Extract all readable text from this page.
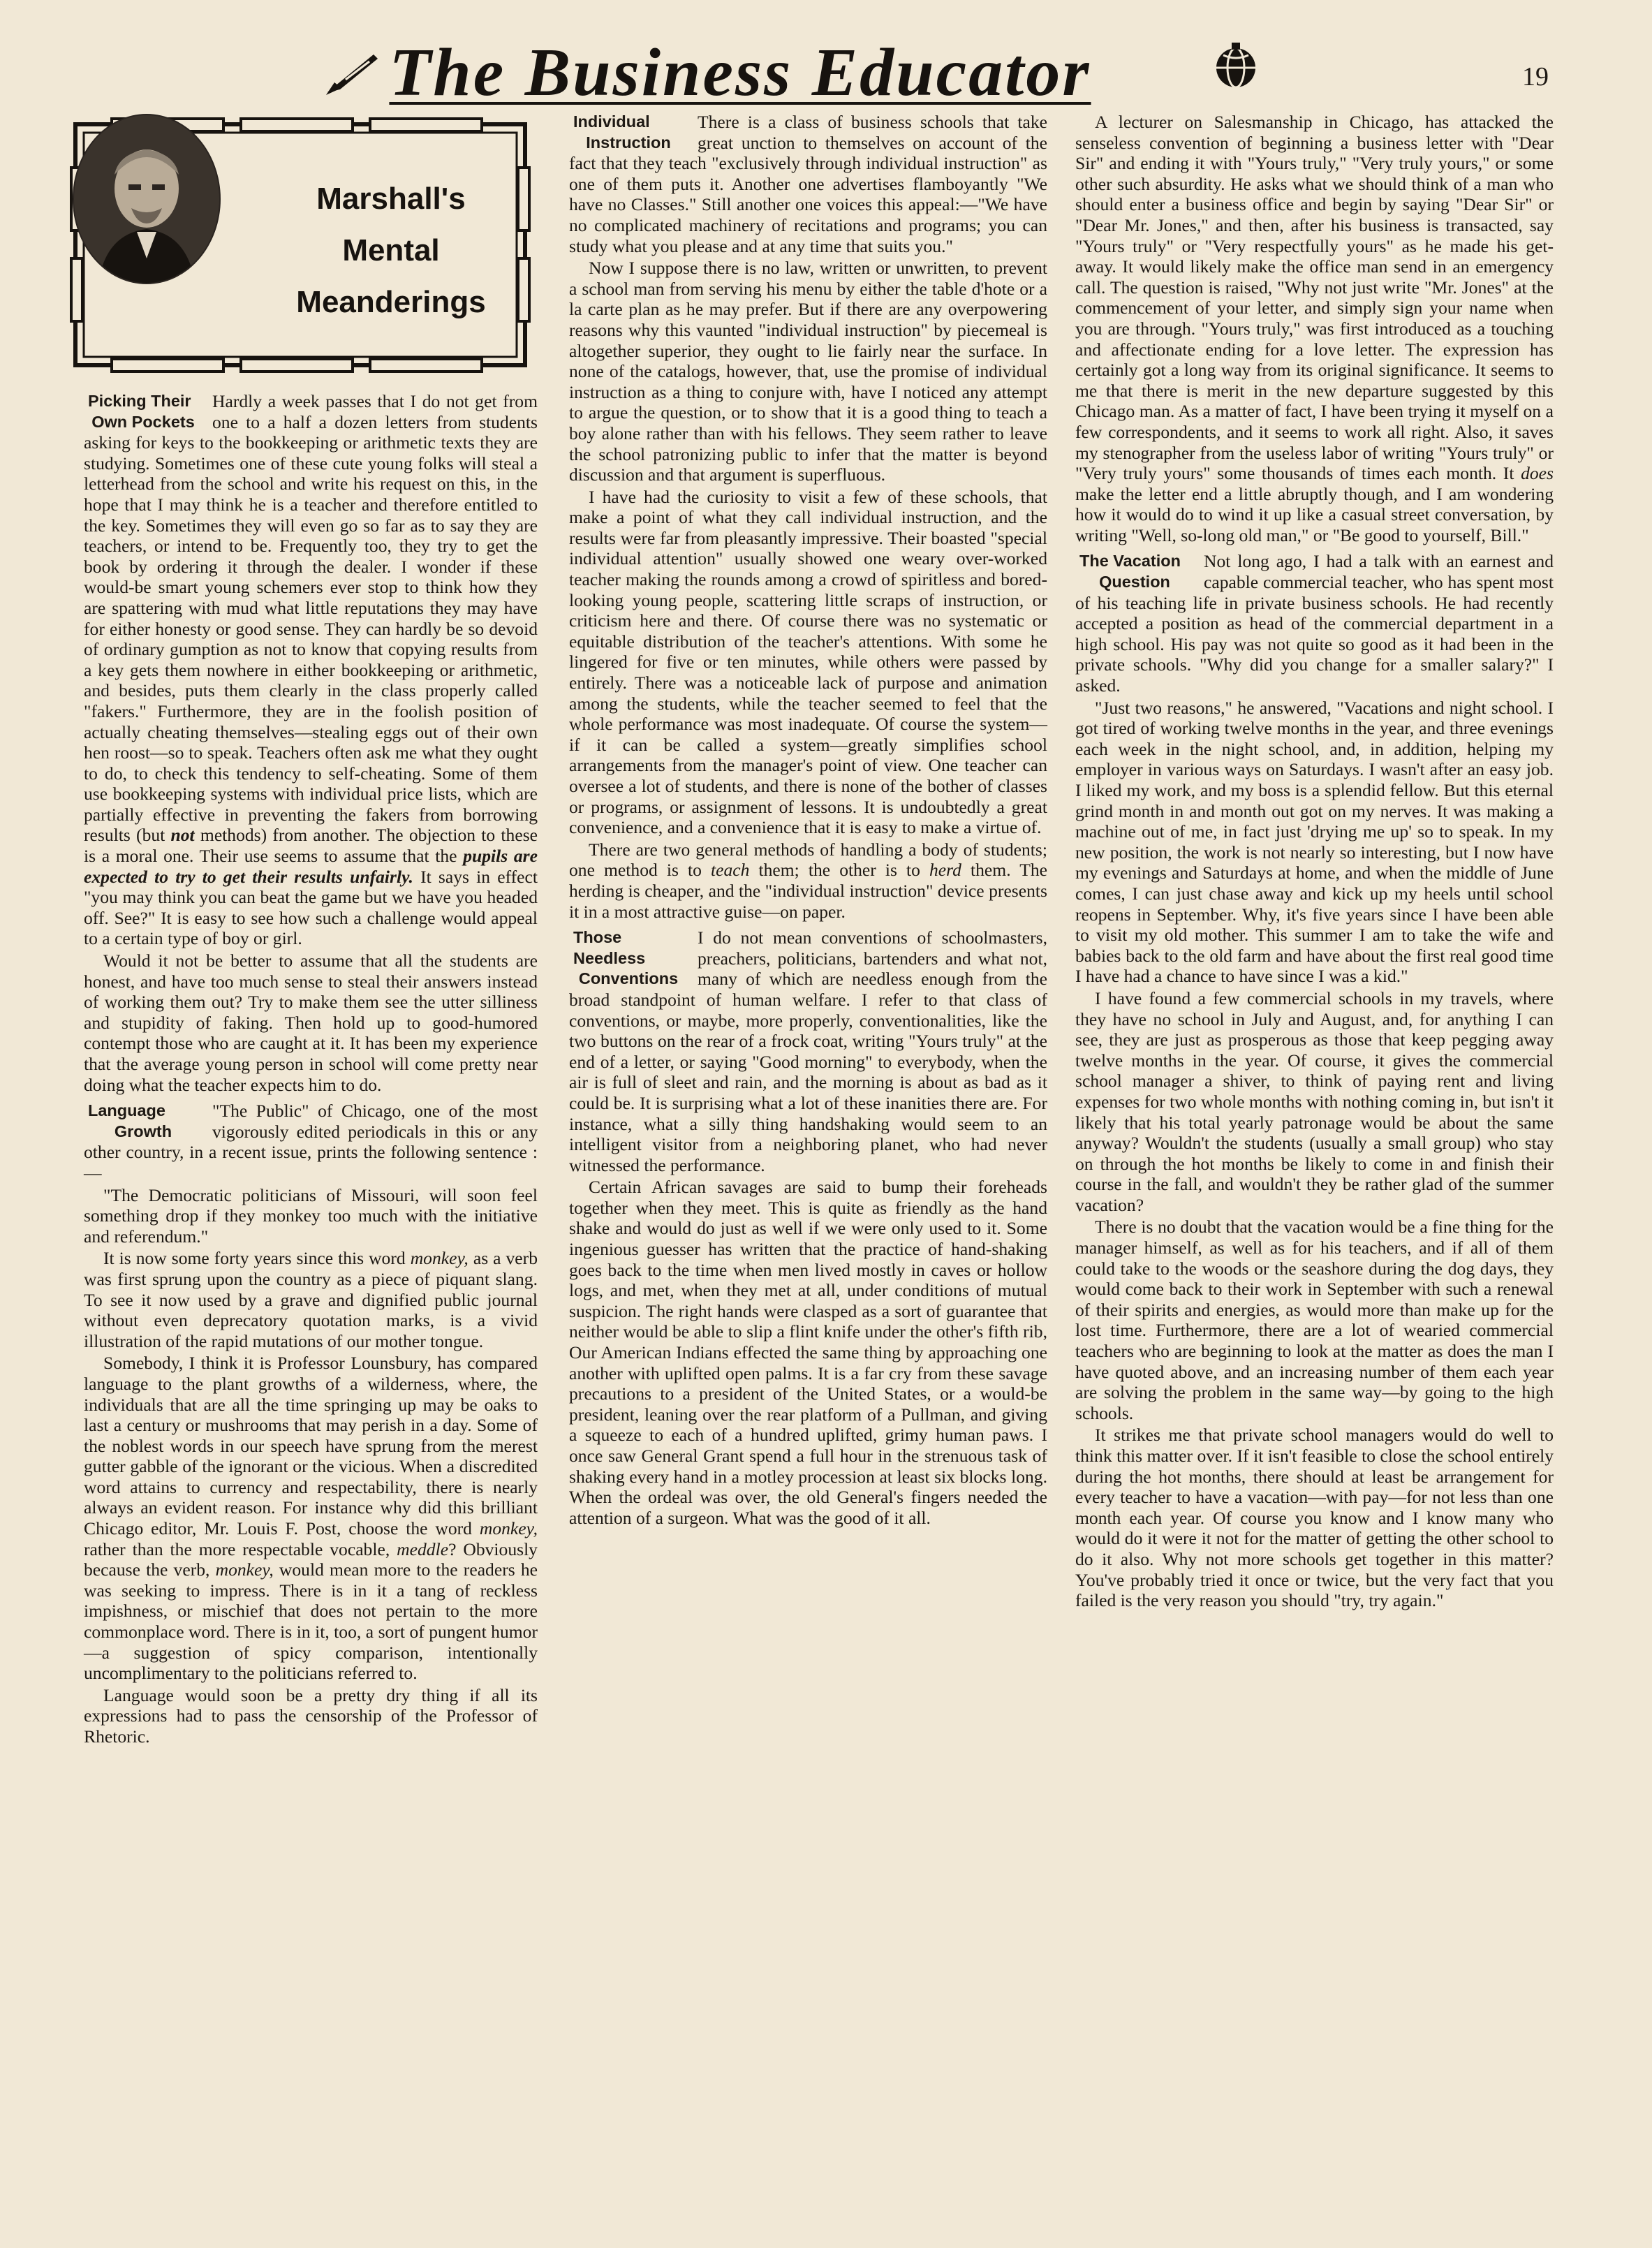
The Business Educator	19
Marshall's
Mental
Meanderings
Picking Their
Own Pockets

Hardly a week passes that I do not get from one to a half a dozen letters from students asking for keys to the bookkeeping or arithmetic texts they are studying. Sometimes one of these cute young folks will steal a letterhead from the school and write his request on this, in the hope that I may think he is a teacher and therefore entitled to the key. Sometimes they will even go so far as to say they are teachers, or intend to be. Frequently too, they try to get the book by ordering it through the dealer. I wonder if these would-be smart young schemers ever stop to think how they are spattering with mud what little reputations they may have for either honesty or good sense. They can hardly be so devoid of ordinary gumption as not to know that copying results from a key gets them nowhere in either bookkeeping or arithmetic, and besides, puts them clearly in the class properly called "fakers." Furthermore, they are in the foolish position of actually cheating themselves—stealing eggs out of their own hen roost—so to speak. Teachers often ask me what they ought to do, to check this tendency to self-cheating. Some of them use bookkeeping systems with individual price lists, which are partially effective in preventing the fakers from borrowing results (but not methods) from another. The objection to these is a moral one. Their use seems to assume that the pupils are expected to try to get their results unfairly. It says in effect "you may think you can beat the game but we have you headed off. See?" It is easy to see how such a challenge would appeal to a certain type of boy or girl.

Would it not be better to assume that all the students are honest, and have too much sense to steal their answers instead of working them out? Try to make them see the utter silliness and stupidity of faking. Then hold up to good-humored contempt those who are caught at it. It has been my experience that the average young person in school will come pretty near doing what the teacher expects him to do.

Language
Growth

"The Public" of Chicago, one of the most vigorously edited periodicals in this or any other country, in a recent issue, prints the following sentence :—

"The Democratic politicians of Missouri, will soon feel something drop if they monkey too much with the initiative and referendum."

It is now some forty years since this word monkey, as a verb was first sprung upon the country as a piece of piquant slang. To see it now used by a grave and dignified public journal without even deprecatory quotation marks, is a vivid illustration of the rapid mutations of our mother tongue.

Somebody, I think it is Professor Lounsbury, has compared language to the plant growths of a wilderness, where, the individuals that are all the time springing up may be oaks to last a century or mushrooms that may perish in a day. Some of the noblest words in our speech have sprung from the merest gutter gabble of the ignorant or the vicious. When a discredited word attains to currency and respectability, there is nearly always an evident reason. For instance why did this brilliant Chicago editor, Mr. Louis F. Post, choose the word monkey, rather than the more respectable vocable, meddle? Obviously because the verb, monkey, would mean more to the readers he was seeking to impress. There is in it a tang of reckless impishness, or mischief that does not pertain to the more commonplace word. There is in it, too, a sort of pungent humor—a suggestion of spicy comparison, intentionally uncomplimentary to the politicians referred to.

Language would soon be a pretty dry thing if all its expressions had to pass the censorship of the Professor of Rhetoric.

Individual
Instruction

There is a class of business schools that take great unction to themselves on account of the fact that they teach "exclusively through individual instruction" as one of them puts it. Another one advertises flamboyantly "We have no Classes." Still another one voices this appeal:—"We have no complicated machinery of recitations and programs; you can study what you please and at any time that suits you."

Now I suppose there is no law, written or unwritten, to prevent a school man from serving his menu by either the table d'hote or a la carte plan as he may prefer. But if there are any overpowering reasons why this vaunted "individual instruction" by piecemeal is altogether superior, they ought to lie fairly near the surface. In none of the catalogs, however, that, use the promise of individual instruction as a thing to conjure with, have I noticed any attempt to argue the question, or to show that it is a good thing to teach a boy alone rather than with his fellows. They seem rather to leave the school patronizing public to infer that the matter is beyond discussion and that argument is superfluous.

I have had the curiosity to visit a few of these schools, that make a point of what they call individual instruction, and the results were far from pleasantly impressive. Their boasted "special individual attention" usually showed one weary over-worked teacher making the rounds among a crowd of spiritless and bored-looking young people, scattering little scraps of instruction, or criticism here and there. Of course there was no systematic or equitable distribution of the teacher's attentions. With some he lingered for five or ten minutes, while others were passed by entirely. There was a noticeable lack of purpose and animation among the students, while the teacher seemed to feel that the whole performance was most inadequate. Of course the system—if it can be called a system—greatly simplifies school arrangements from the manager's point of view. One teacher can oversee a lot of students, and there is none of the bother of classes or programs, or assignment of lessons. It is undoubtedly a great convenience, and a convenience that it is easy to make a virtue of.

There are two general methods of handling a body of students; one method is to teach them; the other is to herd them. The herding is cheaper, and the "individual instruction" device presents it in a most attractive guise—on paper.

Those Needless
Conventions

I do not mean conventions of schoolmasters, preachers, politicians, bartenders and what not, many of which are needless enough from the broad standpoint of human welfare. I refer to that class of conventions, or maybe, more properly, conventionalities, like the two buttons on the rear of a frock coat, writing "Yours truly" at the end of a letter, or saying "Good morning" to everybody, when the air is full of sleet and rain, and the morning is about as bad as it could be. It is surprising what a lot of these inanities there are. For instance, what a silly thing handshaking would seem to an intelligent visitor from a neighboring planet, who had never witnessed the performance.

Certain African savages are said to bump their foreheads together when they meet. This is quite as friendly as the hand shake and would do just as well if we were only used to it. Some ingenious guesser has written that the practice of hand-shaking goes back to the time when men lived mostly in caves or hollow logs, and met, when they met at all, under conditions of mutual suspicion. The right hands were clasped as a sort of guarantee that neither would be able to slip a flint knife under the other's fifth rib, Our American Indians effected the same thing by approaching one another with uplifted open palms. It is a far cry from these savage precautions to a president of the United States, or a would-be president, leaning over the rear platform of a Pullman, and giving a squeeze to each of a hundred uplifted, grimy human paws. I once saw General Grant spend a full hour in the strenuous task of shaking every hand in a motley procession at least six blocks long. When the ordeal was over, the old General's fingers needed the attention of a surgeon. What was the good of it all.

A lecturer on Salesmanship in Chicago, has attacked the senseless convention of beginning a business letter with "Dear Sir" and ending it with "Yours truly," "Very truly yours," or some other such absurdity. He asks what we should think of a man who should enter a business office and begin by saying "Dear Sir" or "Dear Mr. Jones," and then, after his business is transacted, say "Yours truly" or "Very respectfully yours" as he made his get-away. It would likely make the office man send in an emergency call. The question is raised, "Why not just write "Mr. Jones" at the commencement of your letter, and simply sign your name when you are through. "Yours truly," was first introduced as a touching and affectionate ending for a love letter. The expression has certainly got a long way from its original significance. It seems to me that there is merit in the new departure suggested by this Chicago man. As a matter of fact, I have been trying it myself on a few correspondents, and it seems to work all right. Also, it saves my stenographer from the useless labor of writing "Yours truly" or "Very truly yours" some thousands of times each month. It does make the letter end a little abruptly though, and I am wondering how it would do to wind it up like a casual street conversation, by writing "Well, so-long old man," or "Be good to yourself, Bill."

The Vacation
Question

Not long ago, I had a talk with an earnest and capable commercial teacher, who has spent most of his teaching life in private business schools. He had recently accepted a position as head of the commercial department in a high school. His pay was not quite so good as it had been in the private schools. "Why did you change for a smaller salary?" I asked.

"Just two reasons," he answered, "Vacations and night school. I got tired of working twelve months in the year, and three evenings each week in the night school, and, in addition, helping my employer in various ways on Saturdays. I wasn't after an easy job. I liked my work, and my boss is a splendid fellow. But this eternal grind month in and month out got on my nerves. It was making a machine out of me, in fact just 'drying me up' so to speak. In my new position, the work is not nearly so interesting, but I now have my evenings and Saturdays at home, and when the middle of June comes, I can just chase away and kick up my heels until school reopens in September. Why, it's five years since I have been able to visit my old mother. This summer I am to take the wife and babies back to the old farm and have about the first real good time I have had a chance to have since I was a kid."

I have found a few commercial schools in my travels, where they have no school in July and August, and, for anything I can see, they are just as prosperous as those that keep pegging away twelve months in the year. Of course, it gives the commercial school manager a shiver, to think of paying rent and living expenses for two whole months with nothing coming in, but isn't it likely that his total yearly patronage would be about the same anyway? Wouldn't the students (usually a small group) who stay on through the hot months be likely to come in and finish their course in the fall, and wouldn't they be rather glad of the summer vacation?

There is no doubt that the vacation would be a fine thing for the manager himself, as well as for his teachers, and if all of them could take to the woods or the seashore during the dog days, they would come back to their work in September with such a renewal of their spirits and energies, as would more than make up for the lost time. Furthermore, there are a lot of wearied commercial teachers who are beginning to look at the matter as does the man I have quoted above, and an increasing number of them each year are solving the problem in the same way—by going to the high schools.

It strikes me that private school managers would do well to think this matter over. If it isn't feasible to close the school entirely during the hot months, there should at least be arrangement for every teacher to have a vacation—with pay—for not less than one month each year. Of course you know and I know many who would do it were it not for the matter of getting the other school to do it also. Why not more schools get together in this matter? You've probably tried it once or twice, but the very fact that you failed is the very reason you should "try, try again."
